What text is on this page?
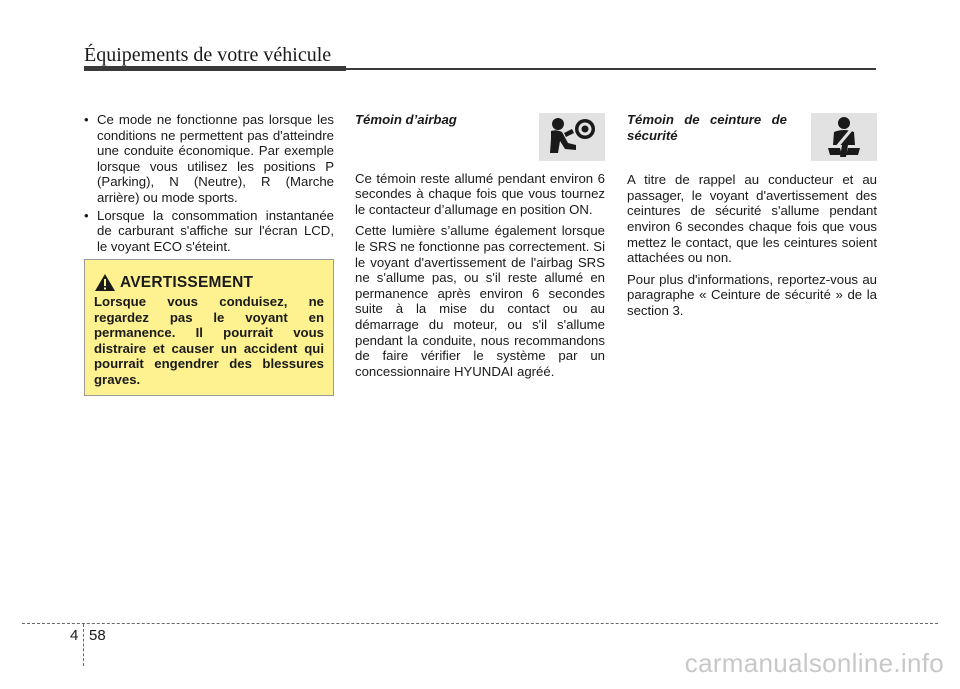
Équipements de votre véhicule
• Ce mode ne fonctionne pas lorsque les conditions ne permettent pas d'atteindre une conduite économique. Par exemple lorsque vous utilisez les positions P (Parking), N (Neutre), R (Marche arrière) ou mode sports.
• Lorsque la consommation instantanée de carburant s'affiche sur l'écran LCD, le voyant ECO s'éteint.
AVERTISSEMENT
Lorsque vous conduisez, ne regardez pas le voyant en permanence. Il pourrait vous distraire et causer un accident qui pourrait engendrer des blessures graves.
Témoin d’airbag

Ce témoin reste allumé pendant environ 6 secondes à chaque fois que vous tournez le contacteur d’allumage en position ON.

Cette lumière s’allume également lorsque le SRS ne fonctionne pas correctement. Si le voyant d'avertissement de l'airbag SRS ne s'allume pas, ou s'il reste allumé en permanence après environ 6 secondes suite à la mise du contact ou au démarrage du moteur, ou s'il s'allume pendant la conduite, nous recommandons de faire vérifier le système par un concessionnaire HYUNDAI agréé.

Témoin de ceinture de sécurité

A titre de rappel au conducteur et au passager, le voyant d'avertissement des ceintures de sécurité s'allume pendant environ 6 secondes chaque fois que vous mettez le contact, que les ceintures soient attachées ou non.

Pour plus d'informations, reportez-vous au paragraphe « Ceinture de sécurité » de la section 3.

4 58
carmanualsonline.info
